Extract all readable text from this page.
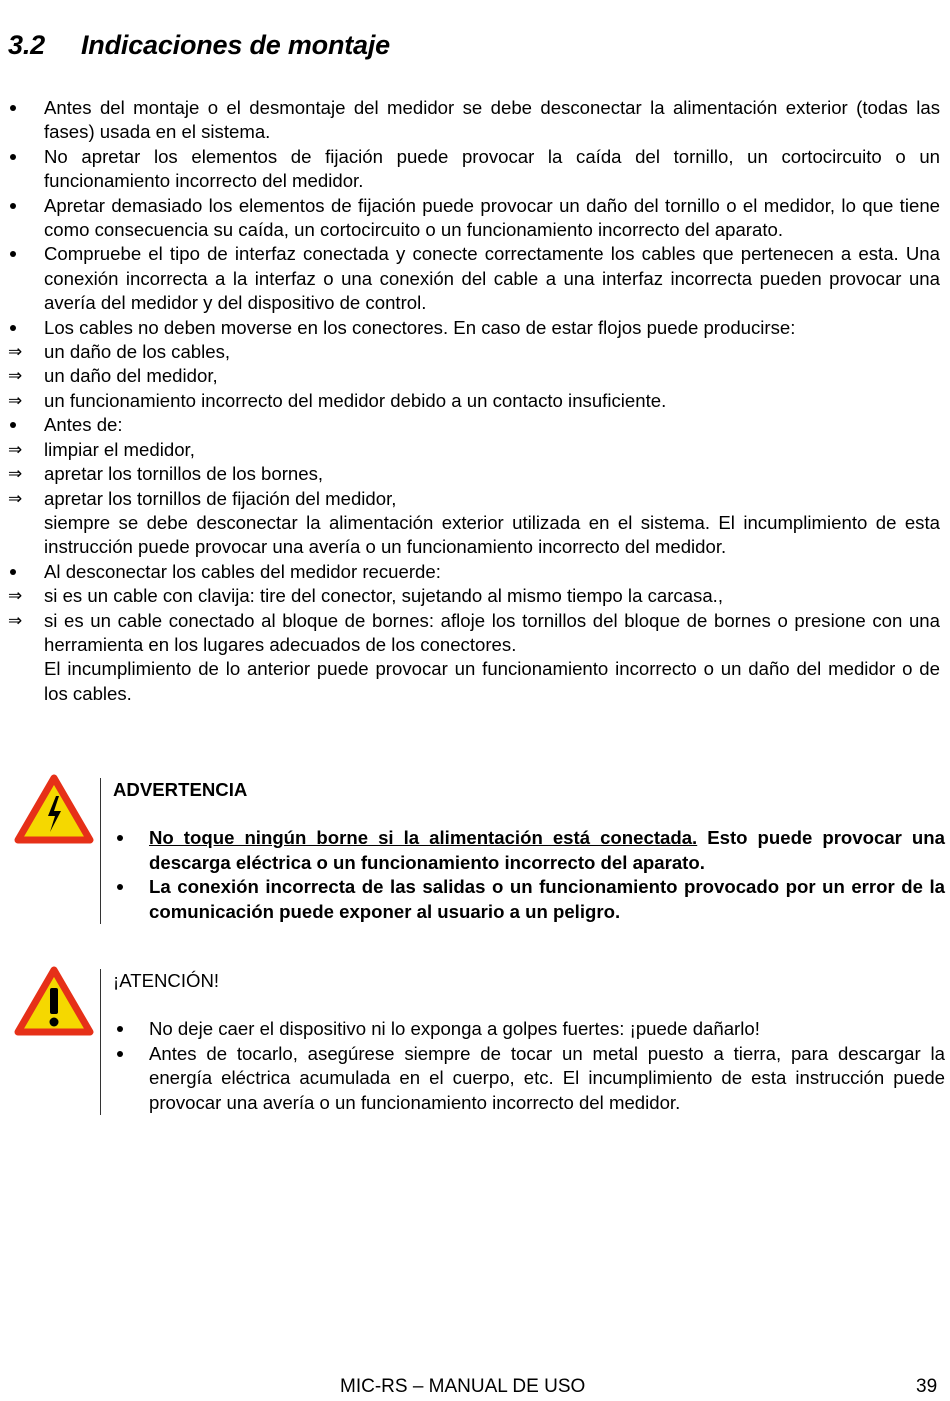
3.2 Indicaciones de montaje
Antes del montaje o el desmontaje del medidor se debe desconectar la alimentación exterior (todas las fases) usada en el sistema.
No apretar los elementos de fijación puede provocar la caída del tornillo, un cortocircuito o un funcionamiento incorrecto del medidor.
Apretar demasiado los elementos de fijación puede provocar un daño del tornillo o el medidor, lo que tiene como consecuencia su caída, un cortocircuito o un funcionamiento incorrecto del aparato.
Compruebe el tipo de interfaz conectada y conecte correctamente los cables que pertenecen a esta. Una conexión incorrecta a la interfaz o una conexión del cable a una interfaz incorrecta pueden provocar una avería del medidor y del dispositivo de control.
Los cables no deben moverse en los conectores. En caso de estar flojos puede producirse:
⇒	un daño de los cables,
⇒	un daño del medidor,
⇒	un funcionamiento incorrecto del medidor debido a un contacto insuficiente.
Antes de:
⇒	limpiar el medidor,
⇒	apretar los tornillos de los bornes,
⇒	apretar los tornillos de fijación del medidor,
siempre se debe desconectar la alimentación exterior utilizada en el sistema. El incumplimiento de esta instrucción puede provocar una avería o un funcionamiento incorrecto del medidor.
Al desconectar los cables del medidor recuerde:
⇒	si es un cable con clavija: tire del conector, sujetando al mismo tiempo la carcasa.,
⇒	si es un cable conectado al bloque de bornes: afloje los tornillos del bloque de bornes o presione con una herramienta en los lugares adecuados de los conectores.
El incumplimiento de lo anterior puede provocar un funcionamiento incorrecto o un daño del medidor o de los cables.
ADVERTENCIA
No toque ningún borne si la alimentación está conectada. Esto puede provocar una descarga eléctrica o un funcionamiento incorrecto del aparato.
La conexión incorrecta de las salidas o un funcionamiento provocado por un error de la comunicación puede exponer al usuario a un peligro.
¡ATENCIÓN!
No deje caer el dispositivo ni lo exponga a golpes fuertes: ¡puede dañarlo!
Antes de tocarlo, asegúrese siempre de tocar un metal puesto a tierra, para descargar la energía eléctrica acumulada en el cuerpo, etc. El incumplimiento de esta instrucción puede provocar una avería o un funcionamiento incorrecto del medidor.
MIC-RS – MANUAL DE USO	39
